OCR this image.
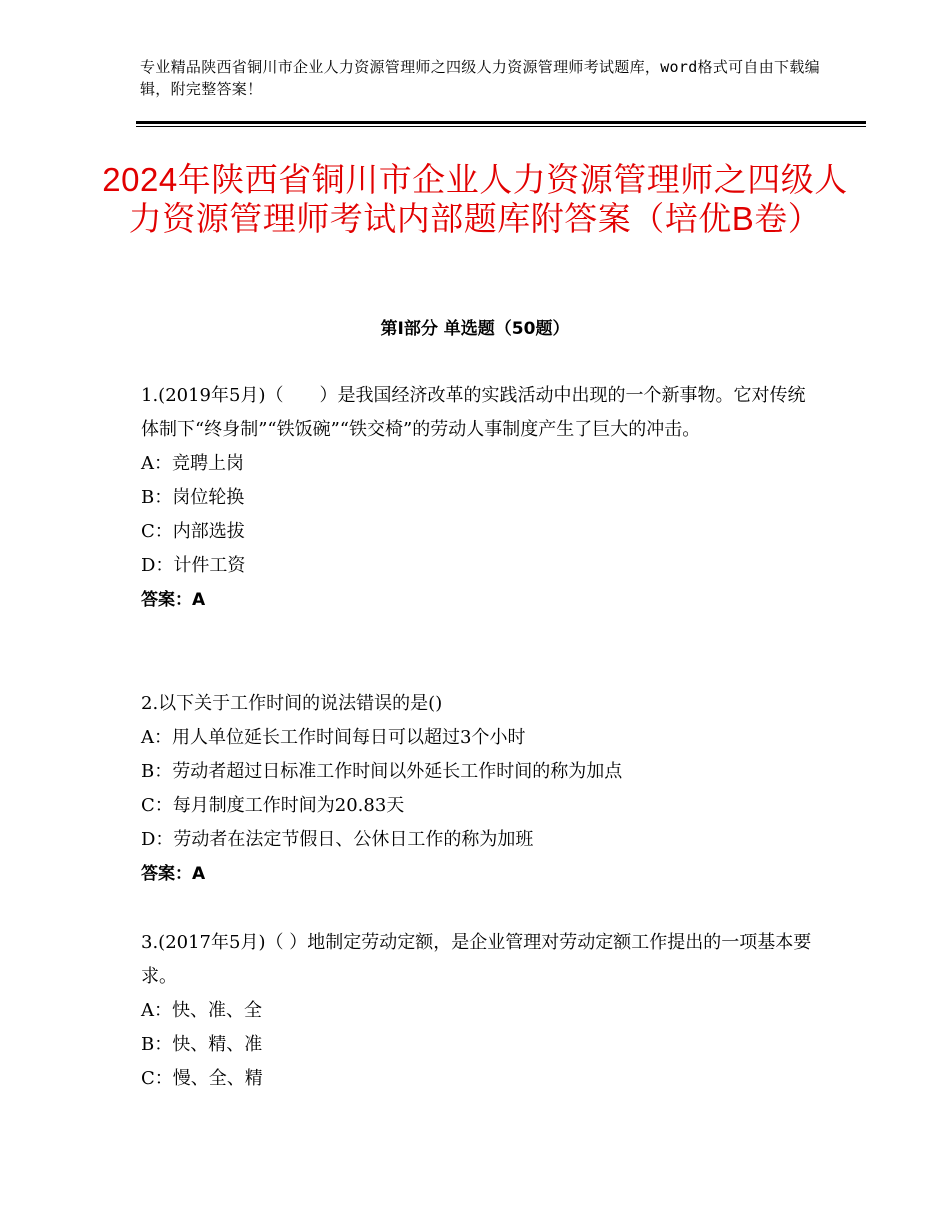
专业精品陕西省铜川市企业人力资源管理师之四级人力资源管理师考试题库，word格式可自由下载编辑，附完整答案！
2024年陕西省铜川市企业人力资源管理师之四级人力资源管理师考试内部题库附答案（培优B卷）
第Ⅰ部分 单选题（50题）
1.(2019年5月)（　　）是我国经济改革的实践活动中出现的一个新事物。它对传统体制下“终身制”“铁饭碗”“铁交椅”的劳动人事制度产生了巨大的冲击。
A：竞聘上岗
B：岗位轮换
C：内部选拔
D：计件工资
答案：A
2.以下关于工作时间的说法错误的是()
A：用人单位延长工作时间每日可以超过3个小时
B：劳动者超过日标准工作时间以外延长工作时间的称为加点
C：每月制度工作时间为20.83天
D：劳动者在法定节假日、公休日工作的称为加班
答案：A
3.(2017年5月)（ ）地制定劳动定额，是企业管理对劳动定额工作提出的一项基本要求。
A：快、准、全
B：快、精、准
C：慢、全、精
